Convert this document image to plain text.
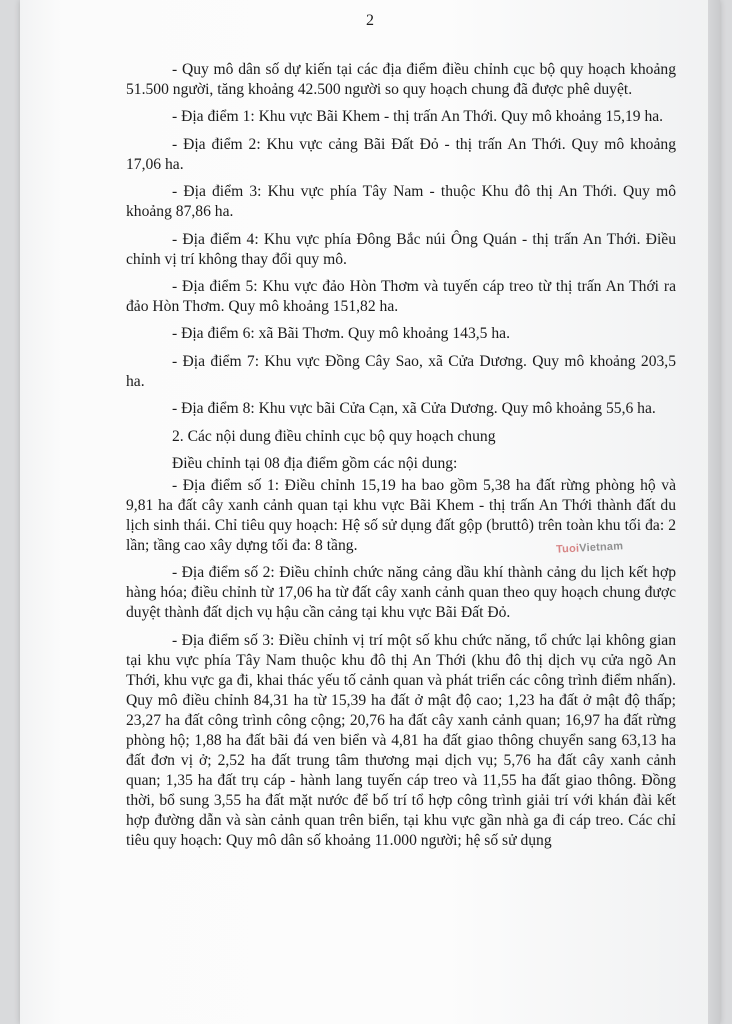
2

- Quy mô dân số dự kiến tại các địa điểm điều chỉnh cục bộ quy hoạch khoảng 51.500 người, tăng khoảng 42.500 người so quy hoạch chung đã được phê duyệt.

- Địa điểm 1: Khu vực Bãi Khem - thị trấn An Thới. Quy mô khoảng 15,19 ha.

- Địa điểm 2: Khu vực cảng Bãi Đất Đỏ - thị trấn An Thới. Quy mô khoảng 17,06 ha.

- Địa điểm 3: Khu vực phía Tây Nam - thuộc Khu đô thị An Thới. Quy mô khoảng 87,86 ha.

- Địa điểm 4: Khu vực phía Đông Bắc núi Ông Quán - thị trấn An Thới. Điều chỉnh vị trí không thay đổi quy mô.

- Địa điểm 5: Khu vực đảo Hòn Thơm và tuyến cáp treo từ thị trấn An Thới ra đảo Hòn Thơm. Quy mô khoảng 151,82 ha.

- Địa điểm 6: xã Bãi Thơm. Quy mô khoảng 143,5 ha.

- Địa điểm 7: Khu vực Đồng Cây Sao, xã Cửa Dương. Quy mô khoảng 203,5 ha.

- Địa điểm 8: Khu vực bãi Cửa Cạn, xã Cửa Dương. Quy mô khoảng 55,6 ha.

2. Các nội dung điều chỉnh cục bộ quy hoạch chung

Điều chỉnh tại 08 địa điểm gồm các nội dung:

- Địa điểm số 1: Điều chỉnh 15,19 ha bao gồm 5,38 ha đất rừng phòng hộ và 9,81 ha đất cây xanh cảnh quan tại khu vực Bãi Khem - thị trấn An Thới thành đất du lịch sinh thái. Chỉ tiêu quy hoạch: Hệ số sử dụng đất gộp (bruttô) trên toàn khu tối đa: 2 lần; tầng cao xây dựng tối đa: 8 tầng.

- Địa điểm số 2: Điều chỉnh chức năng cảng dầu khí thành cảng du lịch kết hợp hàng hóa; điều chỉnh từ 17,06 ha từ đất cây xanh cảnh quan theo quy hoạch chung được duyệt thành đất dịch vụ hậu cần cảng tại khu vực Bãi Đất Đỏ.

- Địa điểm số 3: Điều chỉnh vị trí một số khu chức năng, tổ chức lại không gian tại khu vực phía Tây Nam thuộc khu đô thị An Thới (khu đô thị dịch vụ cửa ngõ An Thới, khu vực ga đi, khai thác yếu tố cảnh quan và phát triển các công trình điểm nhấn). Quy mô điều chỉnh 84,31 ha từ 15,39 ha đất ở mật độ cao; 1,23 ha đất ở mật độ thấp; 23,27 ha đất công trình công cộng; 20,76 ha đất cây xanh cảnh quan; 16,97 ha đất rừng phòng hộ; 1,88 ha đất bãi đá ven biển và 4,81 ha đất giao thông chuyển sang 63,13 ha đất đơn vị ở; 2,52 ha đất trung tâm thương mại dịch vụ; 5,76 ha đất cây xanh cảnh quan; 1,35 ha đất trụ cáp - hành lang tuyến cáp treo và 11,55 ha đất giao thông. Đồng thời, bổ sung 3,55 ha đất mặt nước để bố trí tổ hợp công trình giải trí với khán đài kết hợp đường dẫn và sàn cảnh quan trên biển, tại khu vực gần nhà ga đi cáp treo. Các chỉ tiêu quy hoạch: Quy mô dân số khoảng 11.000 người; hệ số sử dụng

TuoiVietnam
